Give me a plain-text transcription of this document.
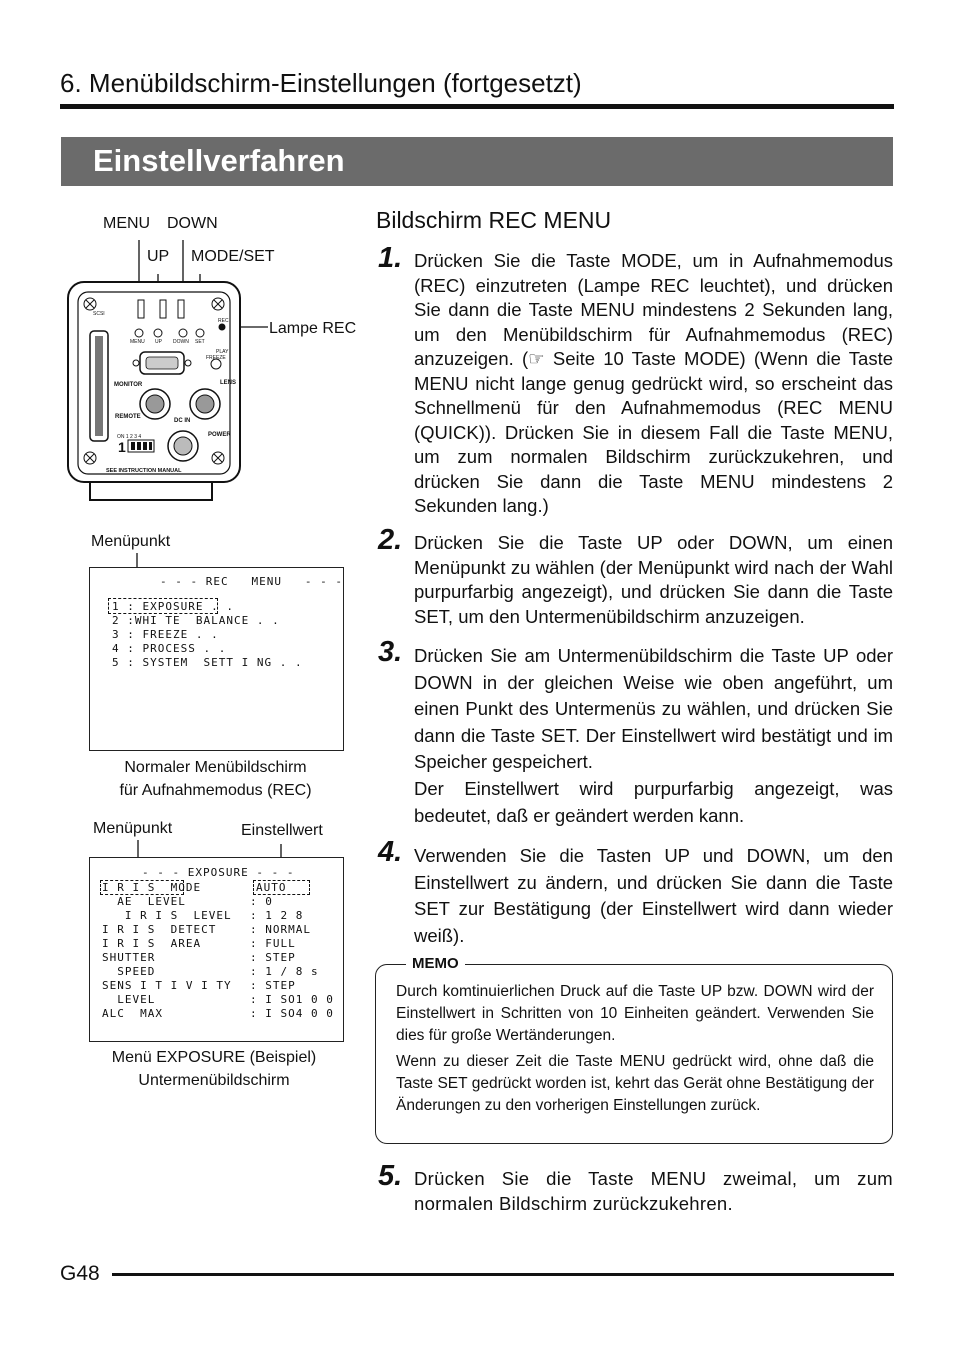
6. Menübildschirm-Einstellungen (fortgesetzt)
Einstellverfahren
MENU DOWN
UP MODE/SET
Lampe REC
1
SCSI
MENU UP DOWN SET
REC
PLAY
FREEZE
MONITOR	LENS
REMOTE
DC IN
ON 1 2 3 4	POWER
SEE INSTRUCTION MANUAL
Menüpunkt
- - - REC   MENU   - - -
1 : EXPOSURE . .
2 :WHI TE  BALANCE . .
3 : FREEZE . .
4 : PROCESS . .
5 : SYSTEM  SETT I NG . .
Normaler Menübildschirm
für Aufnahmemodus (REC)
Menüpunkt	Einstellwert
- - - EXPOSURE - - -
I R I S  MODE	AUTO
AE  LEVEL	: 0
I R I S  LEVEL : 1 2 8
I R I S  DETECT	: NORMAL
I R I S  AREA	: FULL
SHUTTER	: STEP
SPEED	: 1 / 8 s
SENS I T I V I TY : STEP
LEVEL	: I SO1 0 0
ALC  MAX	: I SO4 0 0
Menü EXPOSURE (Beispiel)
Untermenübildschirm
Bildschirm REC MENU
1. Drücken Sie die Taste MODE, um in Aufnahmemodus (REC) einzutreten (Lampe REC leuchtet), und drücken Sie dann die Taste MENU mindestens 2 Sekunden lang, um den Menübildschirm für Aufnahmemodus (REC) anzuzeigen. (☞ Seite 10 Taste MODE) (Wenn die Taste MENU nicht lange genug gedrückt wird, so erscheint das Schnellmenü für den Aufnahmemodus (REC MENU (QUICK)). Drücken Sie in diesem Fall die Taste MENU, um zum normalen Bildschirm zurückzukehren, und drücken Sie dann die Taste MENU mindestens 2 Sekunden lang.)
2. Drücken Sie die Taste UP oder DOWN, um einen Menüpunkt zu wählen (der Menüpunkt wird nach der Wahl purpurfarbig angezeigt), und drücken Sie dann die Taste SET, um den Untermenübildschirm anzuzeigen.
3. Drücken Sie am Untermenübildschirm die Taste UP oder DOWN in der gleichen Weise wie oben angeführt, um einen Punkt des Untermenüs zu wählen, und drücken Sie dann die Taste SET. Der Einstellwert wird bestätigt und im Speicher gespeichert.
Der Einstellwert wird purpurfarbig angezeigt, was bedeutet, daß er geändert werden kann.
4. Verwenden Sie die Tasten UP und DOWN, um den Einstellwert zu ändern, und drücken Sie dann die Taste SET zur Bestätigung (der Einstellwert wird dann wieder weiß).
Durch komtinuierlichen Druck auf die Taste UP bzw. DOWN wird der Einstellwert in Schritten von 10 Einheiten geändert. Verwenden Sie dies für große Wertänderungen.
Wenn zu dieser Zeit die Taste MENU gedrückt wird, ohne daß die Taste SET gedrückt worden ist, kehrt das Gerät ohne Bestätigung der Änderungen zu den vorherigen Einstellungen zurück.
MEMO
5. Drücken Sie die Taste MENU zweimal, um zum normalen Bildschirm zurückzukehren.
G48
